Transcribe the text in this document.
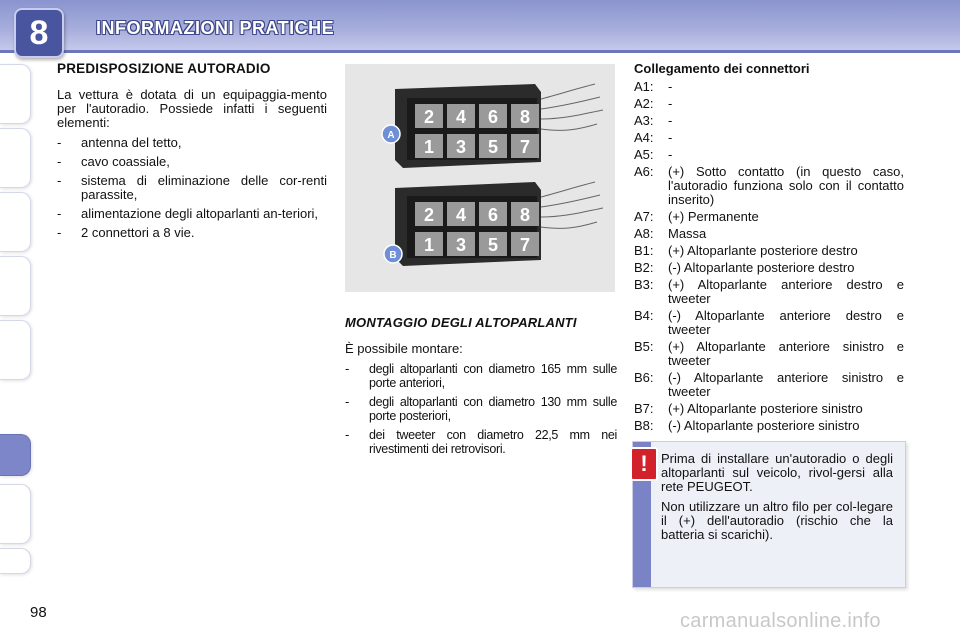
8	INFORMAZIONI PRATICHE
PREDISPOSIZIONE AUTORADIO
La vettura è dotata di un equipaggia-mento per l'autoradio. Possiede infatti i seguenti elementi:
-	antenna del tetto,
-	cavo coassiale,
-	sistema di eliminazione delle cor-renti parassite,
-	alimentazione degli altoparlanti an-teriori,
-	2 connettori a 8 vie.
2 4 6 8
1 3 5 7
A
2 4 6 8
1 3 5 7
B
MONTAGGIO DEGLI ALTOPARLANTI
È possibile montare:
-	degli altoparlanti con diametro 165 mm sulle porte anteriori,
-	degli altoparlanti con diametro 130 mm sulle porte posteriori,
-	dei tweeter con diametro 22,5 mm nei rivestimenti dei retrovisori.
Collegamento dei connettori
A1:	-
A2:	-
A3:	-
A4:	-
A5:	-
A6:	(+) Sotto contatto (in questo caso, l'autoradio funziona solo con il contatto inserito)
A7:	(+) Permanente
A8:	Massa
B1:	(+) Altoparlante posteriore destro
B2:	(-) Altoparlante posteriore destro
B3:	(+) Altoparlante anteriore destro e tweeter
B4:	(-) Altoparlante anteriore destro e tweeter
B5:	(+) Altoparlante anteriore sinistro e tweeter
B6:	(-) Altoparlante anteriore sinistro e tweeter
B7:	(+) Altoparlante posteriore sinistro
B8:	(-) Altoparlante posteriore sinistro
!	Prima di installare un'autoradio o degli altoparlanti sul veicolo, rivol-gersi alla rete PEUGEOT.

Non utilizzare un altro filo per col-legare il (+) dell'autoradio (rischio che la batteria si scarichi).

98	carmanualsonline.info
